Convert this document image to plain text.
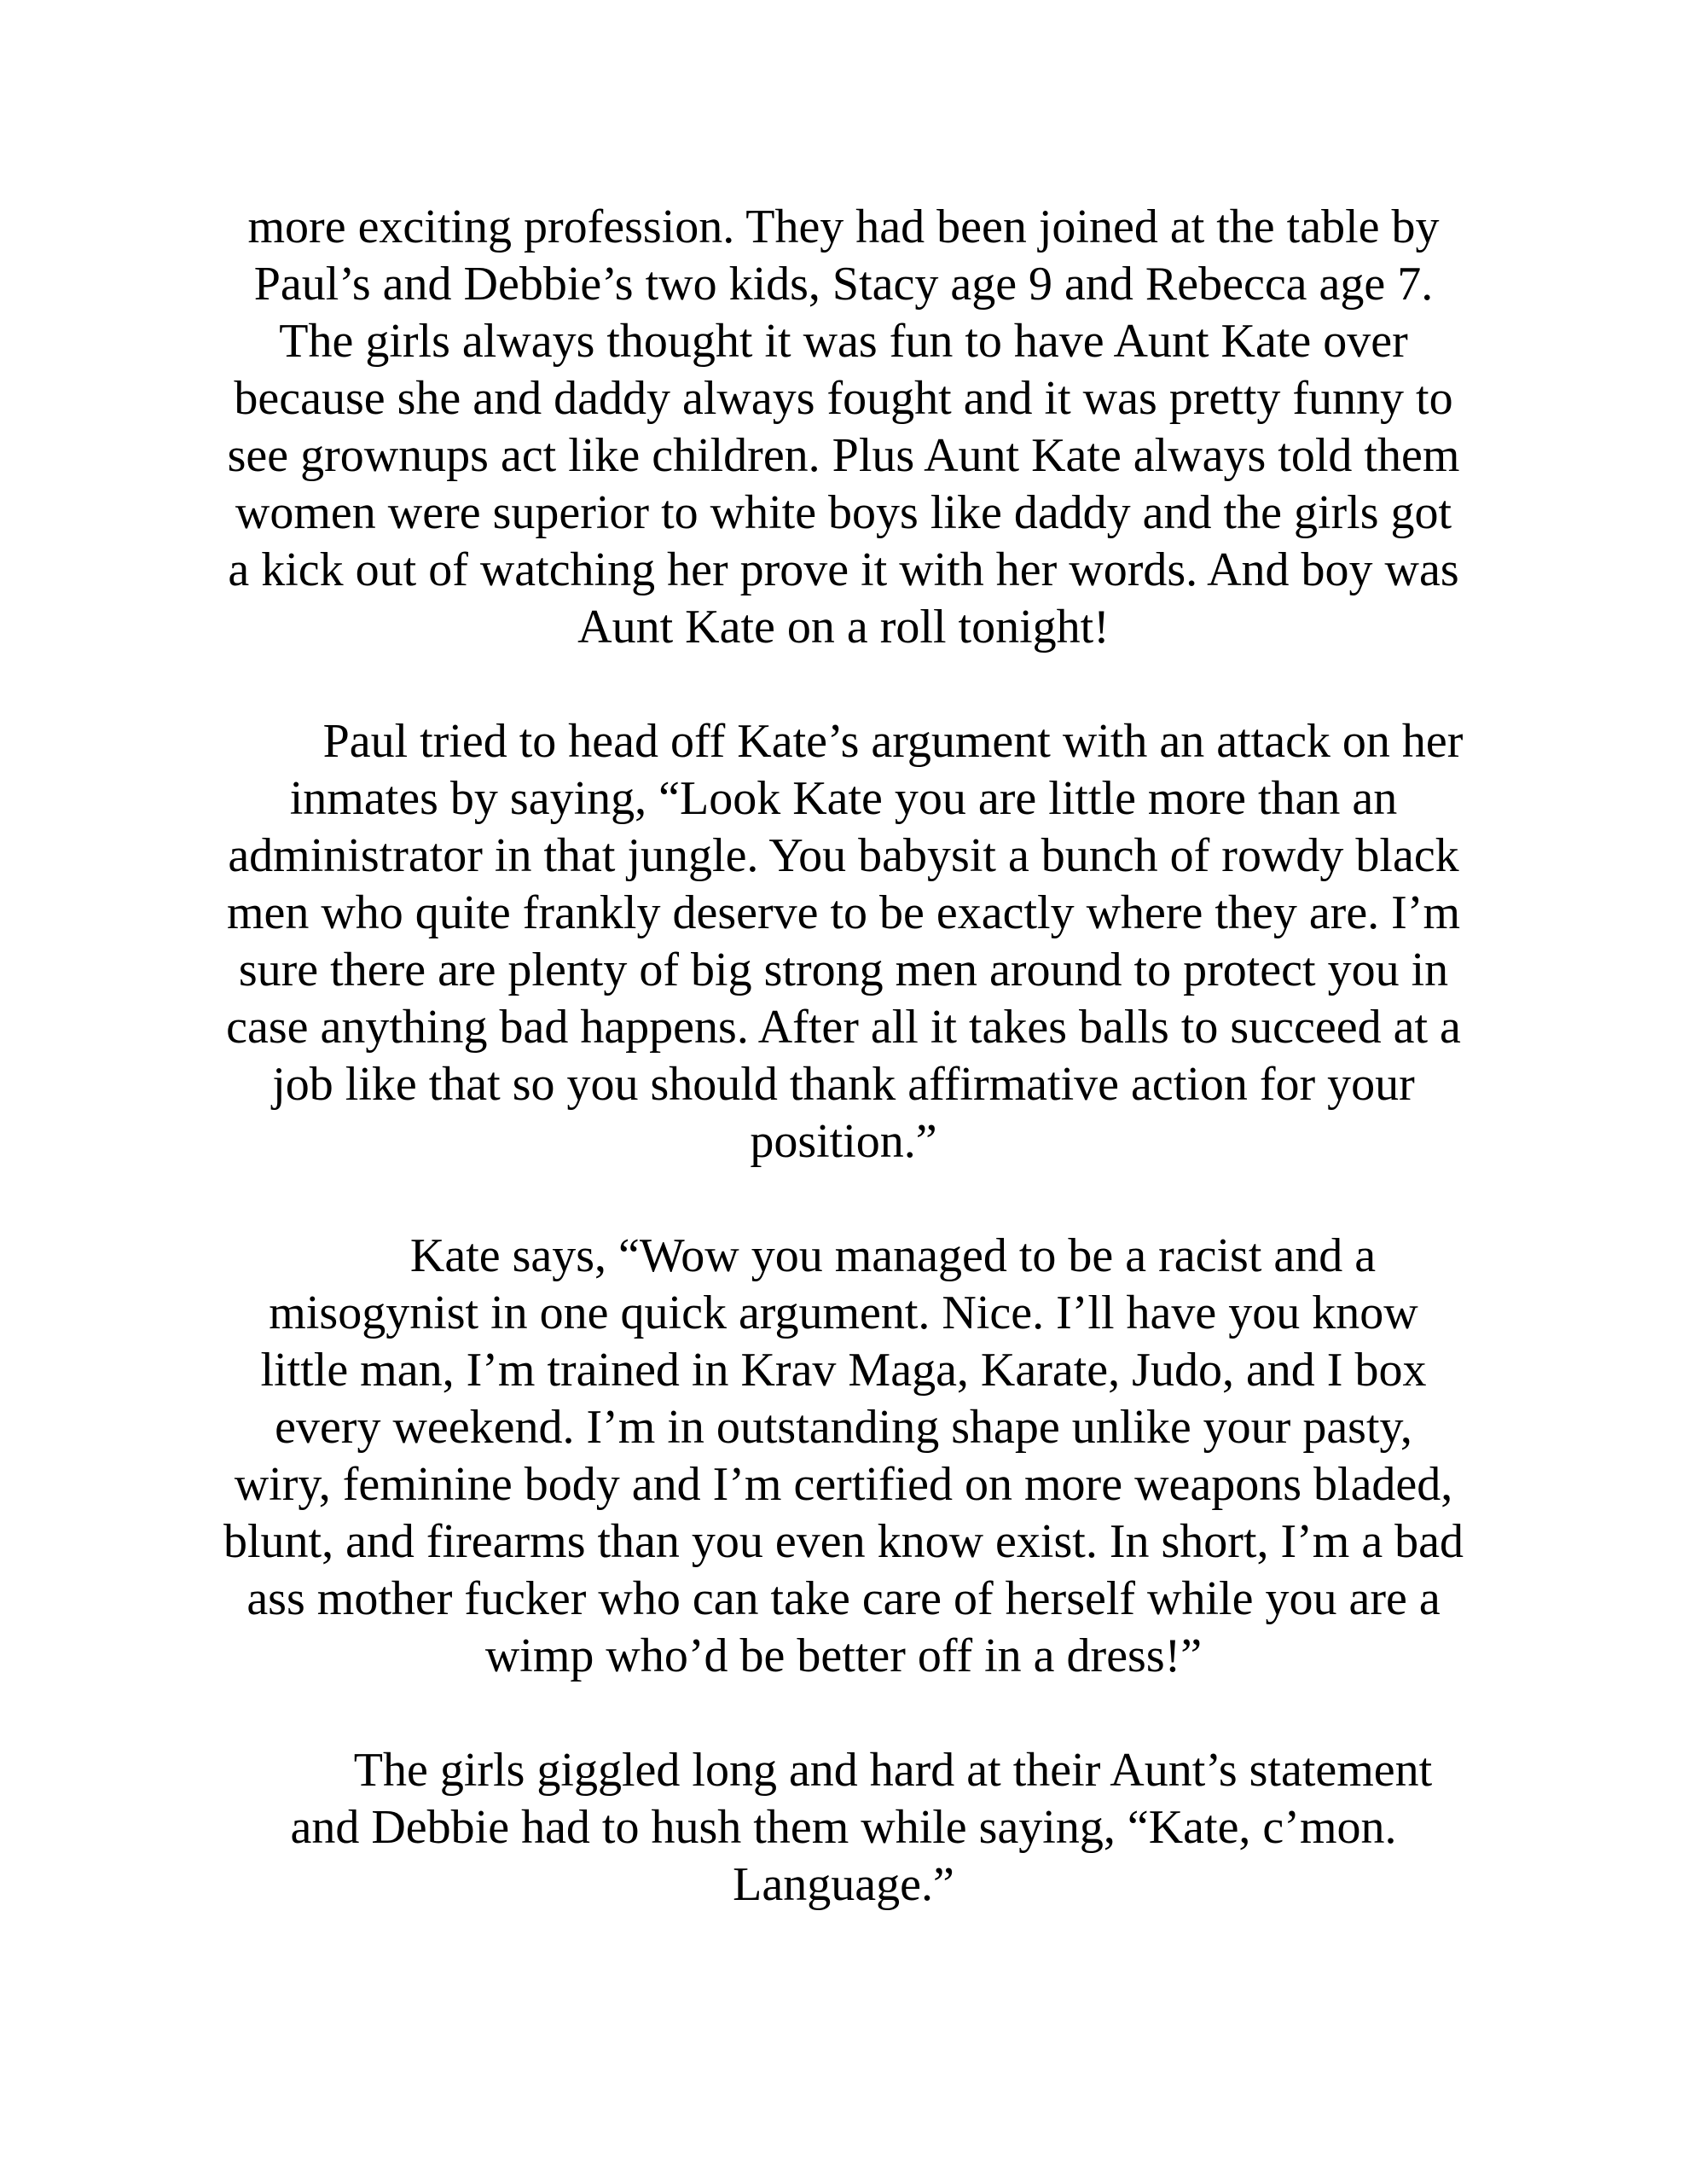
more exciting profession. They had been joined at the table by
Paul’s and Debbie’s two kids, Stacy age 9 and Rebecca age 7.
The girls always thought it was fun to have Aunt Kate over
because she and daddy always fought and it was pretty funny to
see grownups act like children. Plus Aunt Kate always told them
women were superior to white boys like daddy and the girls got
a kick out of watching her prove it with her words. And boy was
Aunt Kate on a roll tonight!
Paul tried to head off Kate’s argument with an attack on her
inmates by saying, “Look Kate you are little more than an
administrator in that jungle. You babysit a bunch of rowdy black
men who quite frankly deserve to be exactly where they are. I’m
sure there are plenty of big strong men around to protect you in
case anything bad happens. After all it takes balls to succeed at a
job like that so you should thank affirmative action for your
position.”
Kate says, “Wow you managed to be a racist and a
misogynist in one quick argument. Nice. I’ll have you know
little man, I’m trained in Krav Maga, Karate, Judo, and I box
every weekend. I’m in outstanding shape unlike your pasty,
wiry, feminine body and I’m certified on more weapons bladed,
blunt, and firearms than you even know exist. In short, I’m a bad
ass mother fucker who can take care of herself while you are a
wimp who’d be better off in a dress!”
The girls giggled long and hard at their Aunt’s statement
and Debbie had to hush them while saying, “Kate, c’mon.
Language.”
